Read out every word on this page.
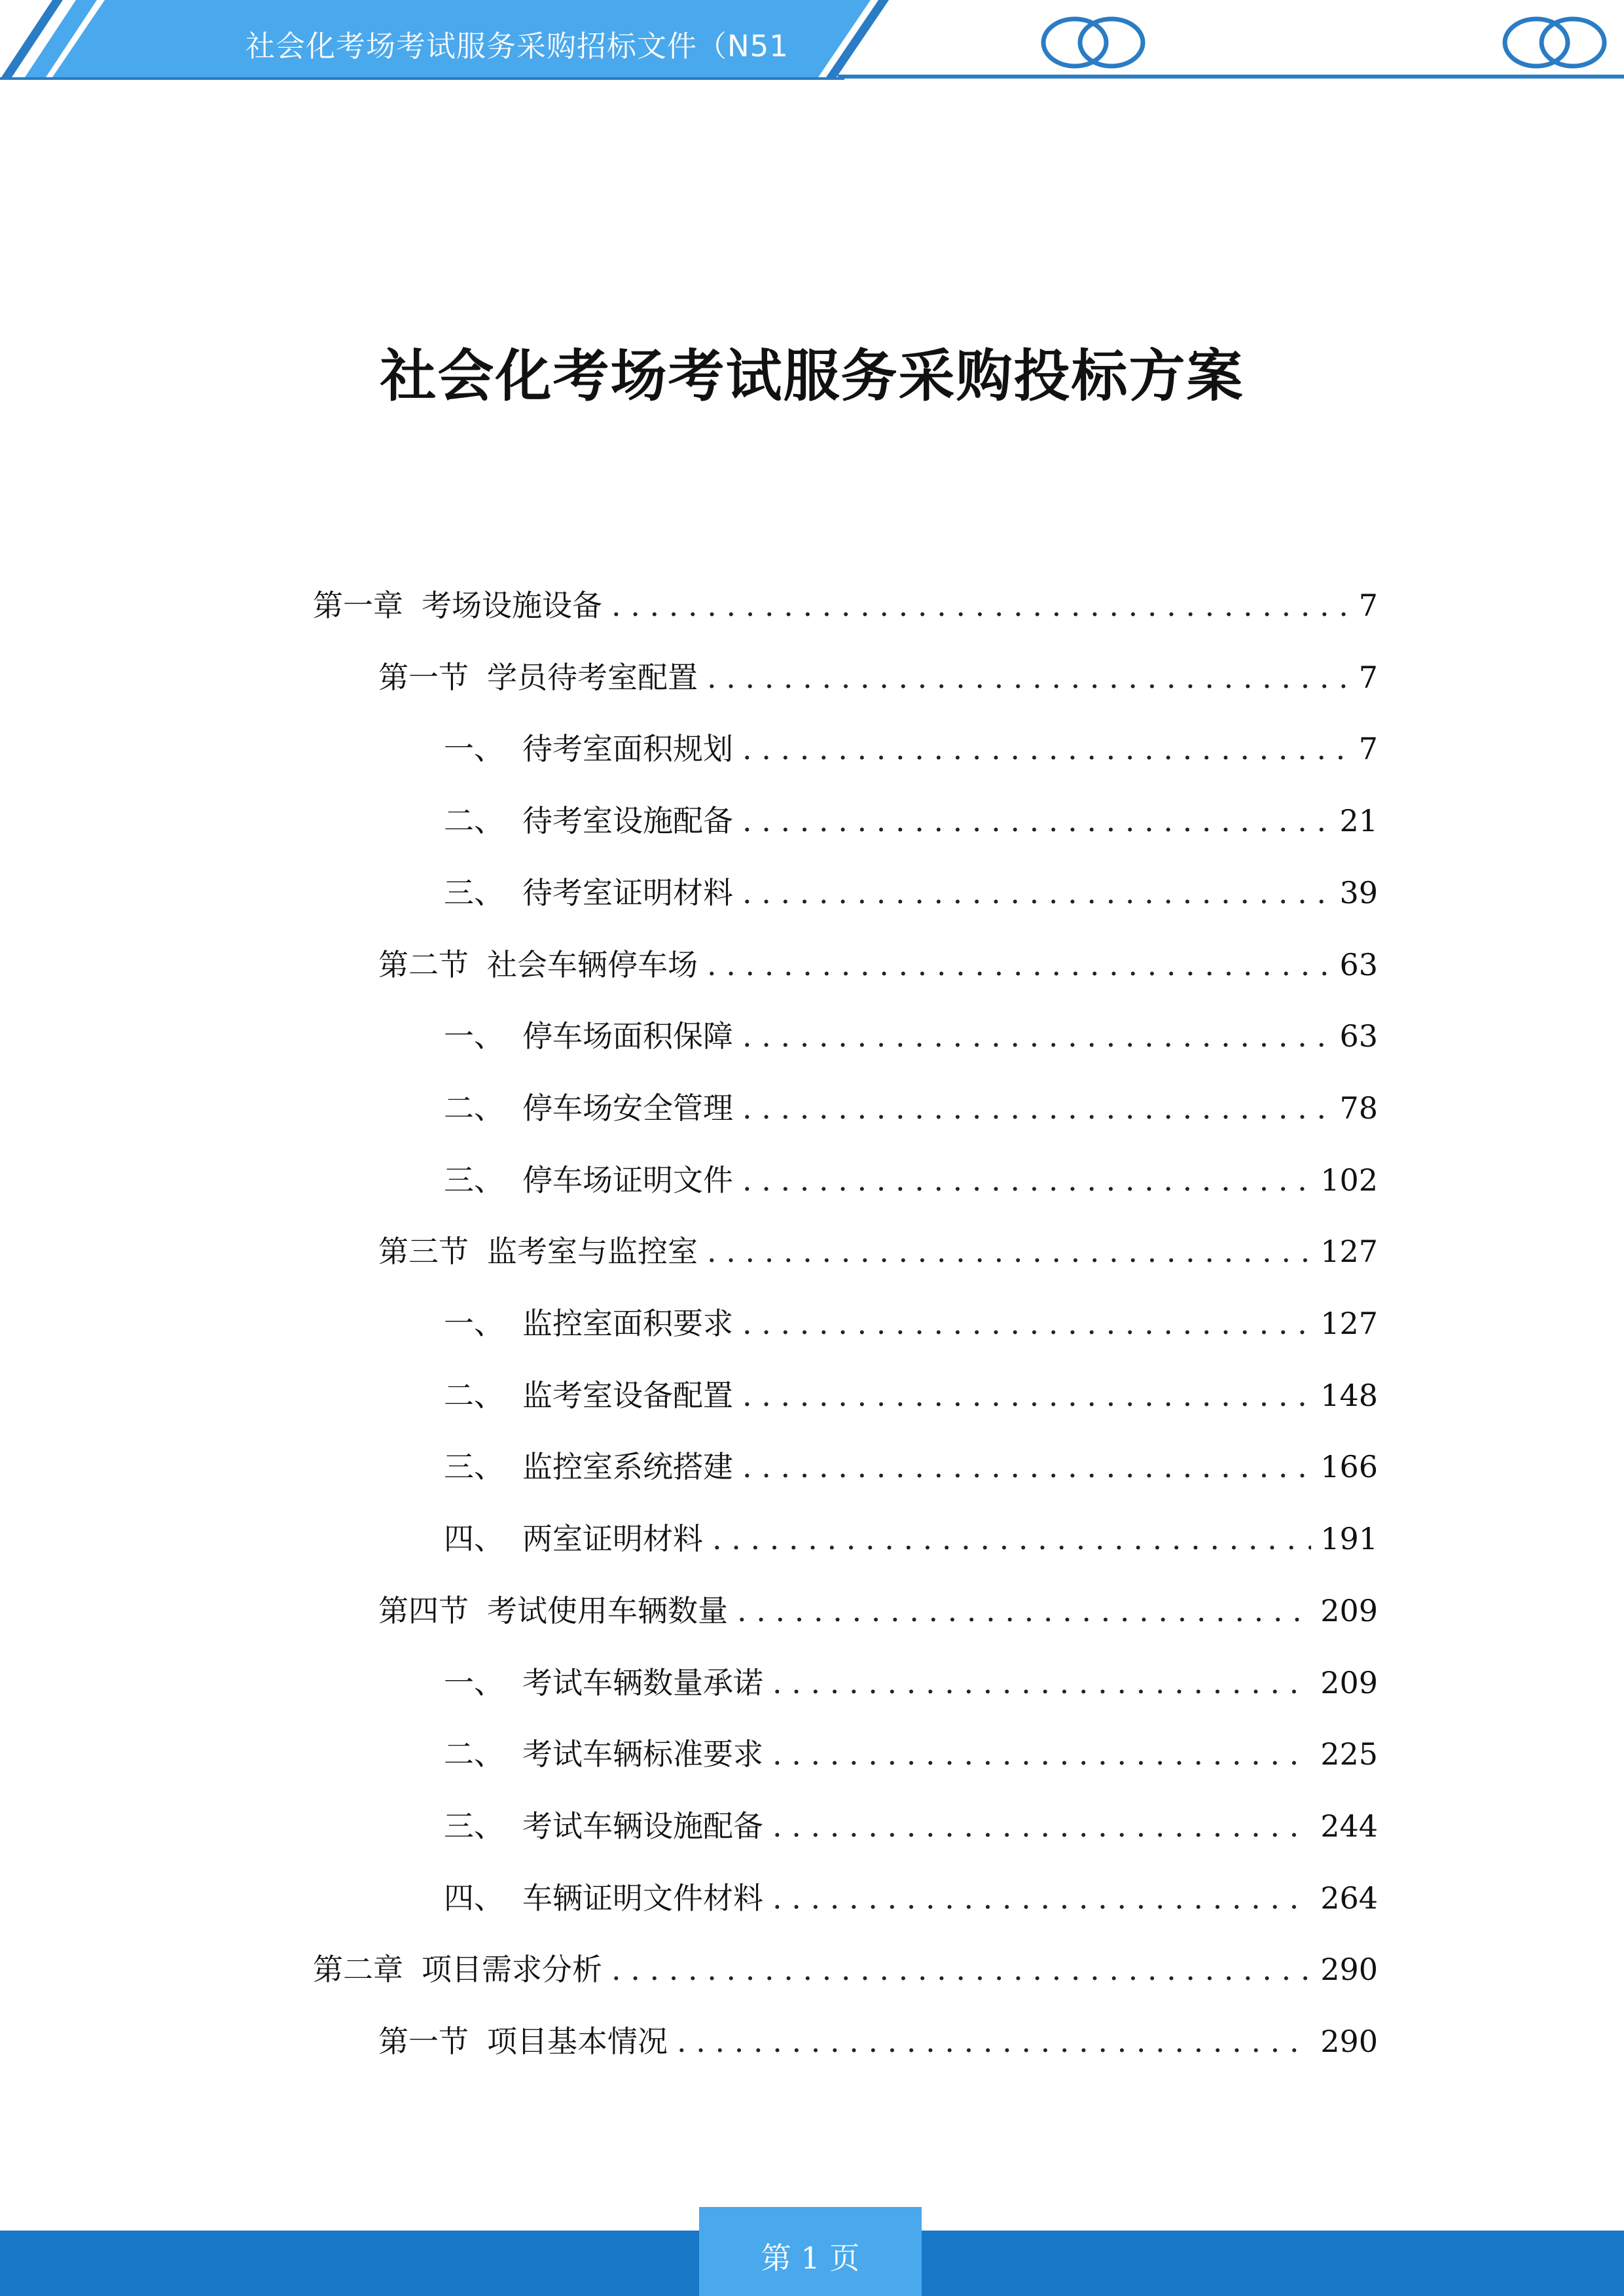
社会化考场考试服务采购招标文件（N51
社会化考场考试服务采购投标方案
第一章 考场设施设备 . . .	7
第一节 学员待考室配置 . . .	7
一、 待考室面积规划 . . .	7
二、 待考室设施配备 . . .	21
三、 待考室证明材料 . . .	39
第二节 社会车辆停车场 . . .	63
一、 停车场面积保障 . . .	63
二、 停车场安全管理 . . .	78
三、 停车场证明文件 . . .	102
第三节 监考室与监控室 . . .	127
一、 监控室面积要求 . . .	127
二、 监考室设备配置 . . .	148
三、 监控室系统搭建 . . .	166
四、 两室证明材料 . . .	191
第四节 考试使用车辆数量 . . .	209
一、 考试车辆数量承诺 . . .	209
二、 考试车辆标准要求 . . .	225
三、 考试车辆设施配备 . . .	244
四、 车辆证明文件材料 . . .	264
第二章 项目需求分析 . . .	290
第一节 项目基本情况 . . .	290
第 1 页
